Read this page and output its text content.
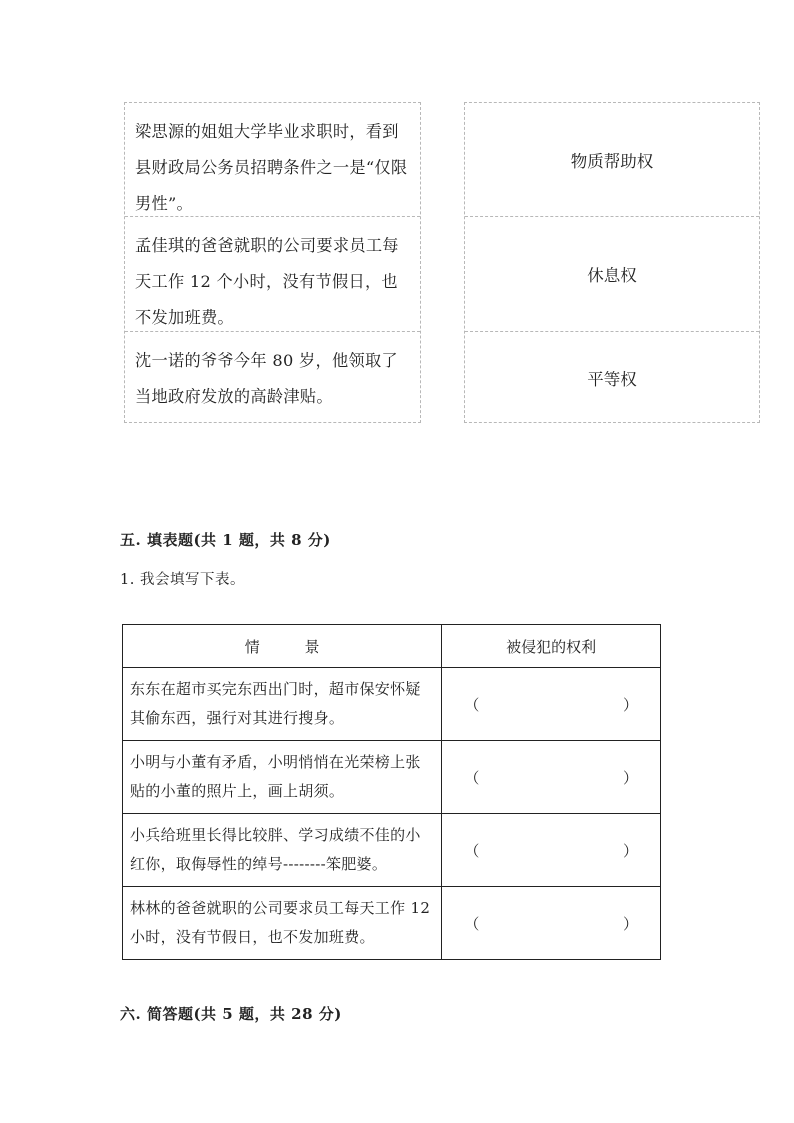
梁思源的姐姐大学毕业求职时，看到县财政局公务员招聘条件之一是“仅限男性”。
孟佳琪的爸爸就职的公司要求员工每天工作 12 个小时，没有节假日，也不发加班费。
沈一诺的爷爷今年 80 岁，他领取了当地政府发放的高龄津贴。
物质帮助权
休息权
平等权
五. 填表题(共 1 题，共 8 分)
1. 我会填写下表。
情 景	被侵犯的权利
东东在超市买完东西出门时，超市保安怀疑其偷东西，强行对其进行搜身。	（ ）

小明与小董有矛盾，小明悄悄在光荣榜上张贴的小董的照片上，画上胡须。	（ ）

小兵给班里长得比较胖、学习成绩不佳的小红你，取侮辱性的绰号--------笨肥婆。	（ ）

林林的爸爸就职的公司要求员工每天工作 12 小时，没有节假日，也不发加班费。	（ ）
六. 简答题(共 5 题，共 28 分)
